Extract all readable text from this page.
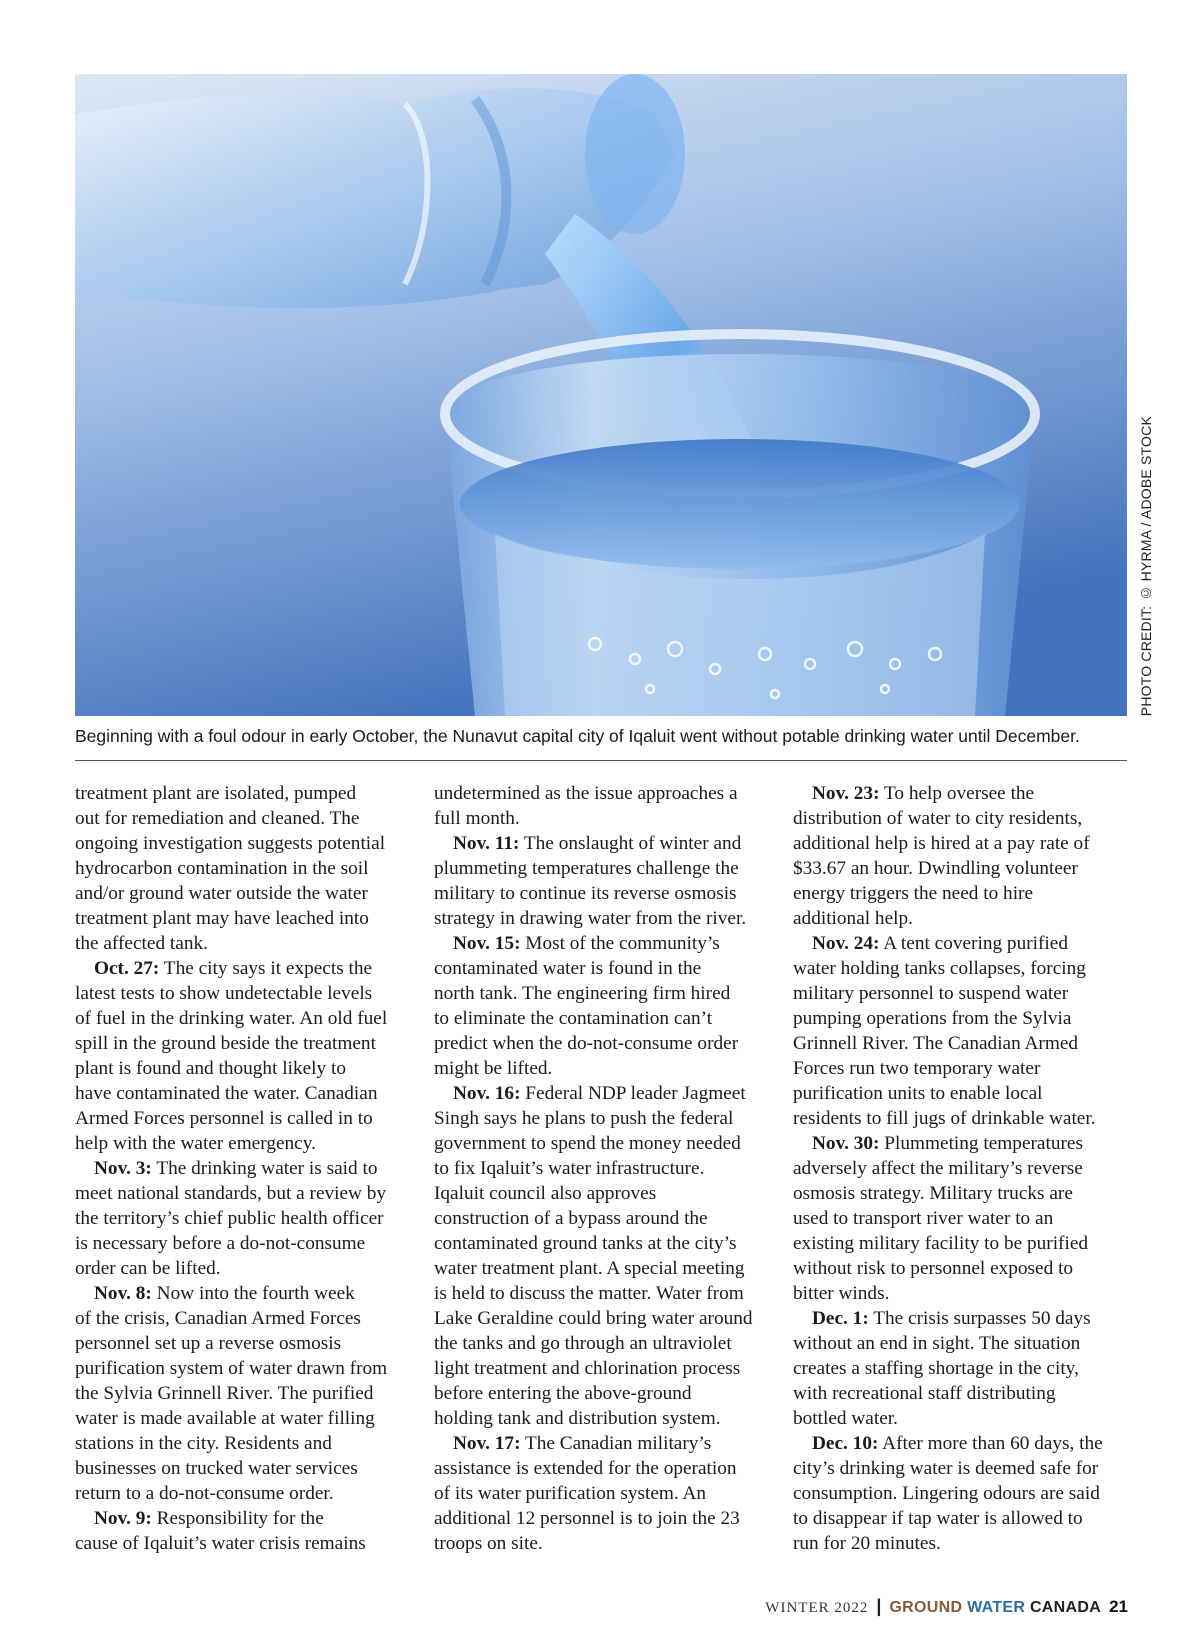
PHOTO CREDIT: © HYRMA / ADOBE STOCK
Beginning with a foul odour in early October, the Nunavut capital city of Iqaluit went without potable drinking water until December.
treatment plant are isolated, pumped
out for remediation and cleaned. The
ongoing investigation suggests potential
hydrocarbon contamination in the soil
and/or ground water outside the water
treatment plant may have leached into
the affected tank.
Oct. 27: The city says it expects the
latest tests to show undetectable levels
of fuel in the drinking water. An old fuel
spill in the ground beside the treatment
plant is found and thought likely to
have contaminated the water. Canadian
Armed Forces personnel is called in to
help with the water emergency.
Nov. 3: The drinking water is said to
meet national standards, but a review by
the territory’s chief public health officer
is necessary before a do-not-consume
order can be lifted.
Nov. 8: Now into the fourth week
of the crisis, Canadian Armed Forces
personnel set up a reverse osmosis
purification system of water drawn from
the Sylvia Grinnell River. The purified
water is made available at water filling
stations in the city. Residents and
businesses on trucked water services
return to a do-not-consume order.
Nov. 9: Responsibility for the
cause of Iqaluit’s water crisis remains
undetermined as the issue approaches a
full month.
Nov. 11: The onslaught of winter and
plummeting temperatures challenge the
military to continue its reverse osmosis
strategy in drawing water from the river.
Nov. 15: Most of the community’s
contaminated water is found in the
north tank. The engineering firm hired
to eliminate the contamination can’t
predict when the do-not-consume order
might be lifted.
Nov. 16: Federal NDP leader Jagmeet
Singh says he plans to push the federal
government to spend the money needed
to fix Iqaluit’s water infrastructure.
Iqaluit council also approves
construction of a bypass around the
contaminated ground tanks at the city’s
water treatment plant. A special meeting
is held to discuss the matter. Water from
Lake Geraldine could bring water around
the tanks and go through an ultraviolet
light treatment and chlorination process
before entering the above-ground
holding tank and distribution system.
Nov. 17: The Canadian military’s
assistance is extended for the operation
of its water purification system. An
additional 12 personnel is to join the 23
troops on site.
Nov. 23: To help oversee the
distribution of water to city residents,
additional help is hired at a pay rate of
$33.67 an hour. Dwindling volunteer
energy triggers the need to hire
additional help.
Nov. 24: A tent covering purified
water holding tanks collapses, forcing
military personnel to suspend water
pumping operations from the Sylvia
Grinnell River. The Canadian Armed
Forces run two temporary water
purification units to enable local
residents to fill jugs of drinkable water.
Nov. 30: Plummeting temperatures
adversely affect the military’s reverse
osmosis strategy. Military trucks are
used to transport river water to an
existing military facility to be purified
without risk to personnel exposed to
bitter winds.
Dec. 1: The crisis surpasses 50 days
without an end in sight. The situation
creates a staffing shortage in the city,
with recreational staff distributing
bottled water.
Dec. 10: After more than 60 days, the
city’s drinking water is deemed safe for
consumption. Lingering odours are said
to disappear if tap water is allowed to
run for 20 minutes.
WINTER 2022 | GROUND WATER CANADA 21
